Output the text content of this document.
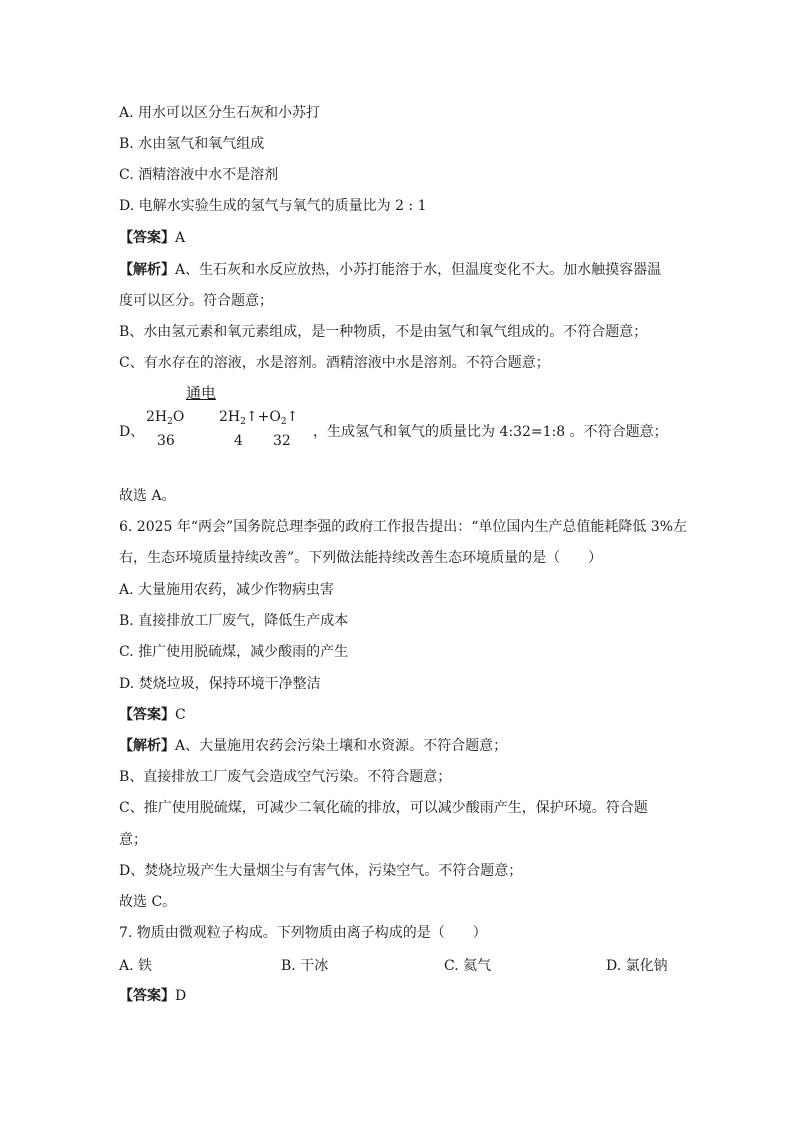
A. 用水可以区分生石灰和小苏打
B. 水由氢气和氧气组成
C. 酒精溶液中水不是溶剂
D. 电解水实验生成的氢气与氧气的质量比为 2 : 1
【答案】A
【解析】A、生石灰和水反应放热，小苏打能溶于水，但温度变化不大。加水触摸容器温
度可以区分。符合题意；
B、水由氢元素和氧元素组成，是一种物质，不是由氢气和氧气组成的。不符合题意；
C、有水存在的溶液，水是溶剂。酒精溶液中水是溶剂。不符合题意；
通电
D、
$2H_2O$ $2H_2↑+O_2↑$
36	4 32
，生成氢气和氧气的质量比为 4:32=1:8 。不符合题意；
故选 A。
6. 2025 年“两会”国务院总理李强的政府工作报告提出：“单位国内生产总值能耗降低 3%左
右，生态环境质量持续改善”。下列做法能持续改善生态环境质量的是（　　）
A. 大量施用农药，减少作物病虫害
B. 直接排放工厂废气，降低生产成本
C. 推广使用脱硫煤，减少酸雨的产生
D. 焚烧垃圾，保持环境干净整洁
【答案】C
【解析】A、大量施用农药会污染土壤和水资源。不符合题意；
B、直接排放工厂废气会造成空气污染。不符合题意；
C、推广使用脱硫煤，可减少二氧化硫的排放，可以减少酸雨产生，保护环境。符合题
意；
D、焚烧垃圾产生大量烟尘与有害气体，污染空气。不符合题意；
故选 C。
7. 物质由微观粒子构成。下列物质由离子构成的是（　　）
A. 铁	B. 干冰	C. 氦气	D. 氯化钠
【答案】D
